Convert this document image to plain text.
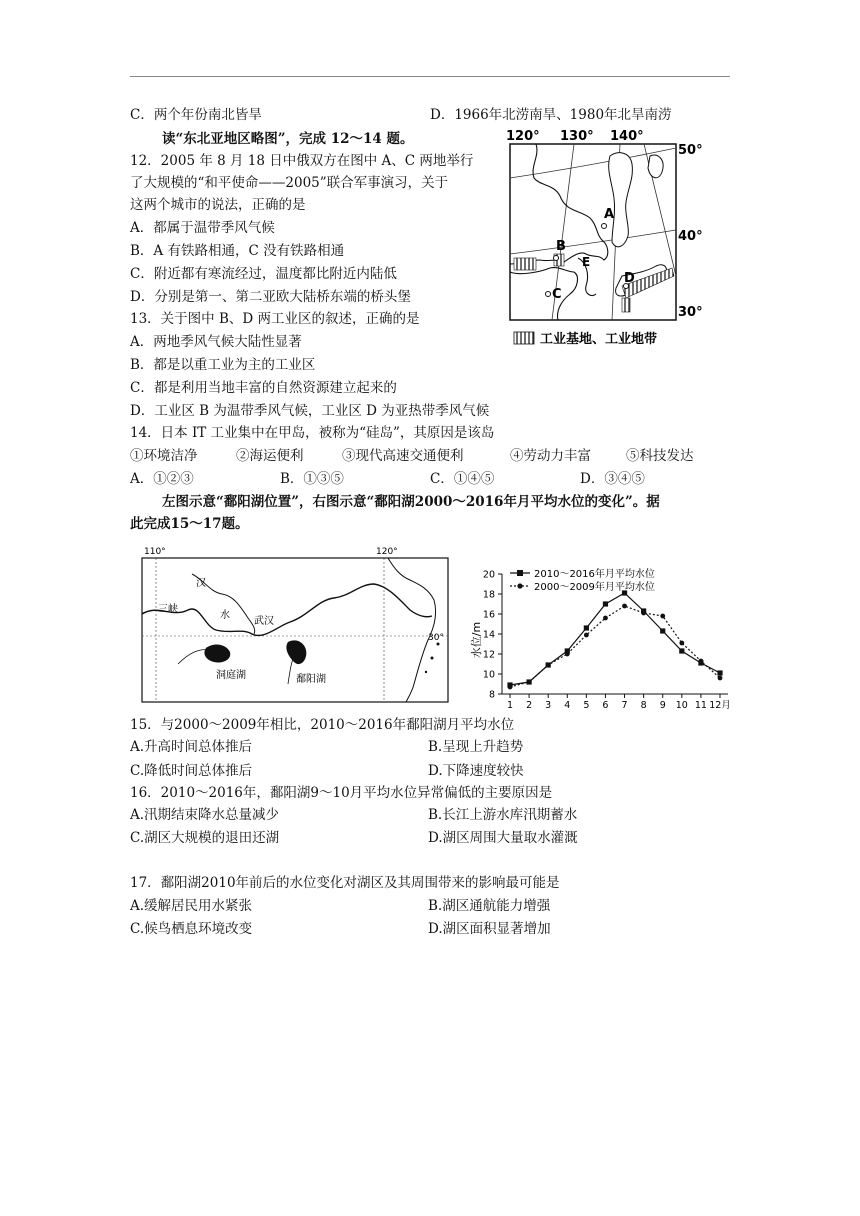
C．两个年份南北皆旱	D．1966年北涝南旱、1980年北旱南涝
读“东北亚地区略图”，完成 12～14 题。
12．2005 年 8 月 18 日中俄双方在图中 A、C 两地举行
了大规模的“和平使命——2005”联合军事演习，关于
这两个城市的说法，正确的是
A．都属于温带季风气候
B．A 有铁路相通，C 没有铁路相通
C．附近都有寒流经过，温度都比附近内陆低
D．分别是第一、第二亚欧大陆桥东端的桥头堡
13．关于图中 B、D 两工业区的叙述，正确的是
A．两地季风气候大陆性显著
B．都是以重工业为主的工业区
C．都是利用当地丰富的自然资源建立起来的
D．工业区 B 为温带季风气候，工业区 D 为亚热带季风气候
14．日本 IT 工业集中在甲岛，被称为“硅岛”，其原因是该岛
①环境洁净	②海运便利	③现代高速交通便利	④劳动力丰富	⑤科技发达
A．①②③	B．①③⑤	C．①④⑤	D．③④⑤
A
B
C
D
E
120° 130° 140°
50°
40°
30°
工业基地、工业地带
左图示意“鄱阳湖位置”，右图示意“鄱阳湖2000～2016年月平均水位的变化”。据
此完成15～17题。
110°	120°
30°
汉
水
三峡
武汉
洞庭湖	鄱阳湖
8
10
12
14
16
18
20
1 2 3 4 5 6 7 8 9 10 11 12月
水位/m
2010～2016年月平均水位
2000～2009年月平均水位
15．与2000～2009年相比，2010～2016年鄱阳湖月平均水位
A.升高时间总体推后	B.呈现上升趋势
C.降低时间总体推后	D.下降速度较快
16．2010～2016年，鄱阳湖9～10月平均水位异常偏低的主要原因是
A.汛期结束降水总量减少	B.长江上游水库汛期蓄水
C.湖区大规模的退田还湖	D.湖区周围大量取水灌溉
17．鄱阳湖2010年前后的水位变化对湖区及其周围带来的影响最可能是
A.缓解居民用水紧张	B.湖区通航能力增强
C.候鸟栖息环境改变	D.湖区面积显著增加
